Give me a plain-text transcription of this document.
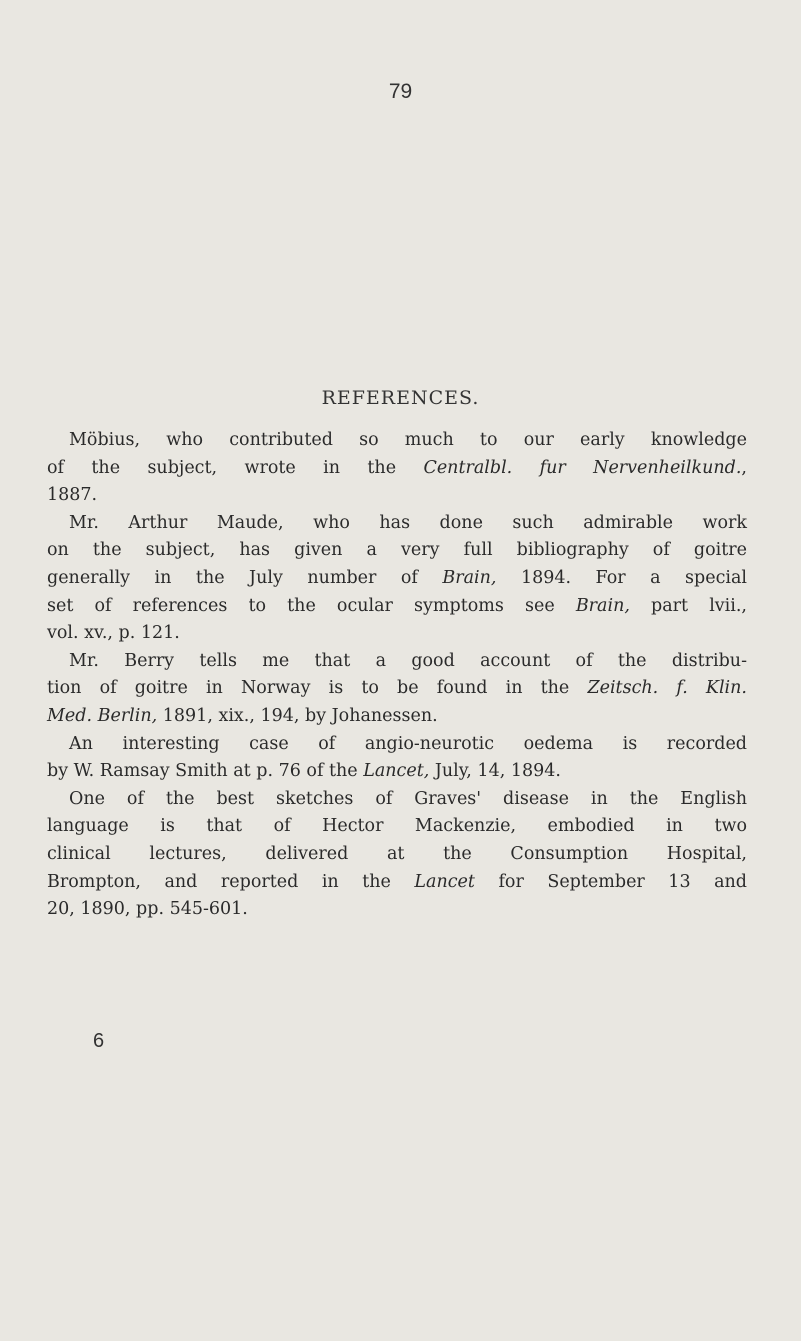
79
REFERENCES.
Möbius, who contributed so much to our early knowledge
of the subject, wrote in the Centralbl. fur Nervenheilkund.,
1887.
Mr. Arthur Maude, who has done such admirable work
on the subject, has given a very full bibliography of goitre
generally in the July number of Brain, 1894. For a special
set of references to the ocular symptoms see Brain, part lvii.,
vol. xv., p. 121.
Mr. Berry tells me that a good account of the distribu-
tion of goitre in Norway is to be found in the Zeitsch. f. Klin.
Med. Berlin, 1891, xix., 194, by Johanessen.
An interesting case of angio-neurotic oedema is recorded
by W. Ramsay Smith at p. 76 of the Lancet, July, 14, 1894.
One of the best sketches of Graves' disease in the English
language is that of Hector Mackenzie, embodied in two
clinical lectures, delivered at the Consumption Hospital,
Brompton, and reported in the Lancet for September 13 and
20, 1890, pp. 545-601.
6
